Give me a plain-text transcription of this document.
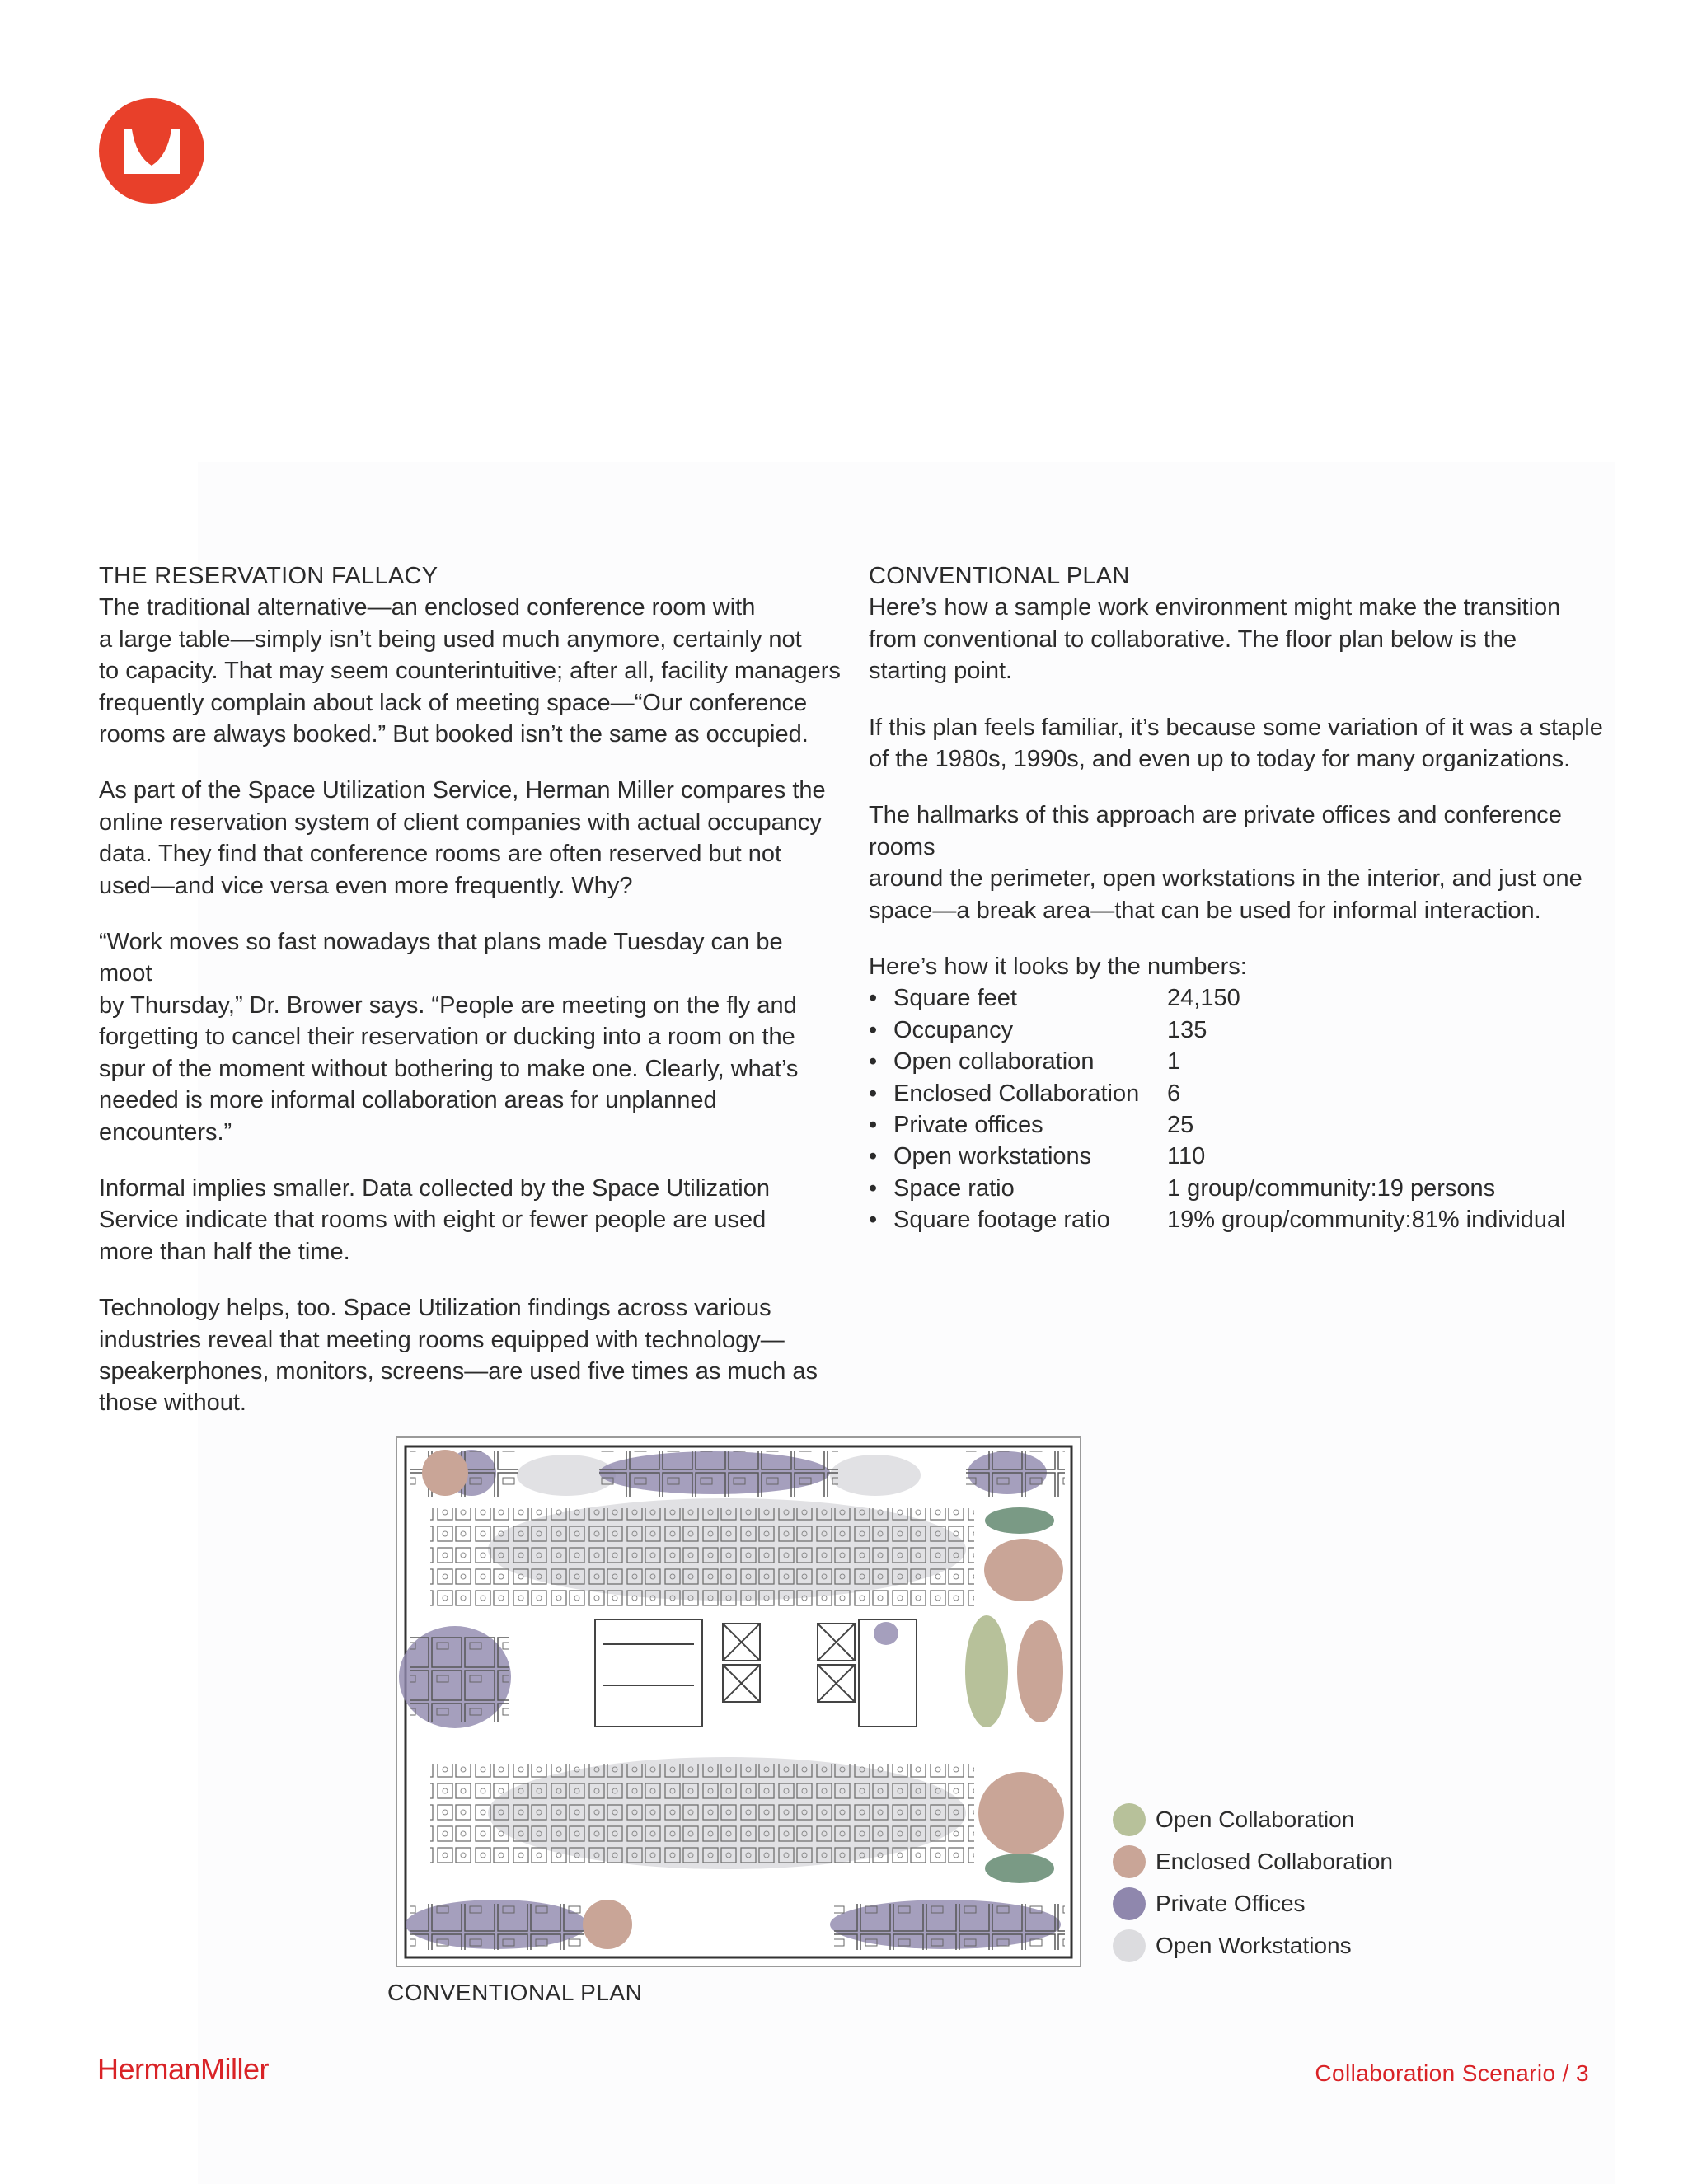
THE RESERVATION FALLACY

The traditional alternative—an enclosed conference room with
a large table—simply isn’t being used much anymore, certainly not
to capacity. That may seem counterintuitive; after all, facility managers
frequently complain about lack of meeting space—“Our conference
rooms are always booked.” But booked isn’t the same as occupied.

As part of the Space Utilization Service, Herman Miller compares the
online reservation system of client companies with actual occupancy
data. They find that conference rooms are often reserved but not
used—and vice versa even more frequently. Why?

“Work moves so fast nowadays that plans made Tuesday can be moot
by Thursday,” Dr. Brower says. “People are meeting on the fly and
forgetting to cancel their reservation or ducking into a room on the
spur of the moment without bothering to make one. Clearly, what’s
needed is more informal collaboration areas for unplanned encounters.”

Informal implies smaller. Data collected by the Space Utilization
Service indicate that rooms with eight or fewer people are used
more than half the time.

Technology helps, too. Space Utilization findings across various
industries reveal that meeting rooms equipped with technology—
speakerphones, monitors, screens—are used five times as much as
those without.

CONVENTIONAL PLAN

Here’s how a sample work environment might make the transition
from conventional to collaborative. The floor plan below is the
starting point.

If this plan feels familiar, it’s because some variation of it was a staple
of the 1980s, 1990s, and even up to today for many organizations.

The hallmarks of this approach are private offices and conference rooms
around the perimeter, open workstations in the interior, and just one
space—a break area—that can be used for informal interaction.

Here’s how it looks by the numbers:
• Square feet	24,150
• Occupancy	135
• Open collaboration	1
• Enclosed Collaboration 6
• Private offices	25
• Open workstations	110
• Space ratio	1 group/community:19 persons
• Square footage ratio 19% group/community:81% individual
CONVENTIONAL PLAN
Open Collaboration
Enclosed Collaboration
Private Offices
Open Workstations
HermanMiller	Collaboration Scenario / 3
